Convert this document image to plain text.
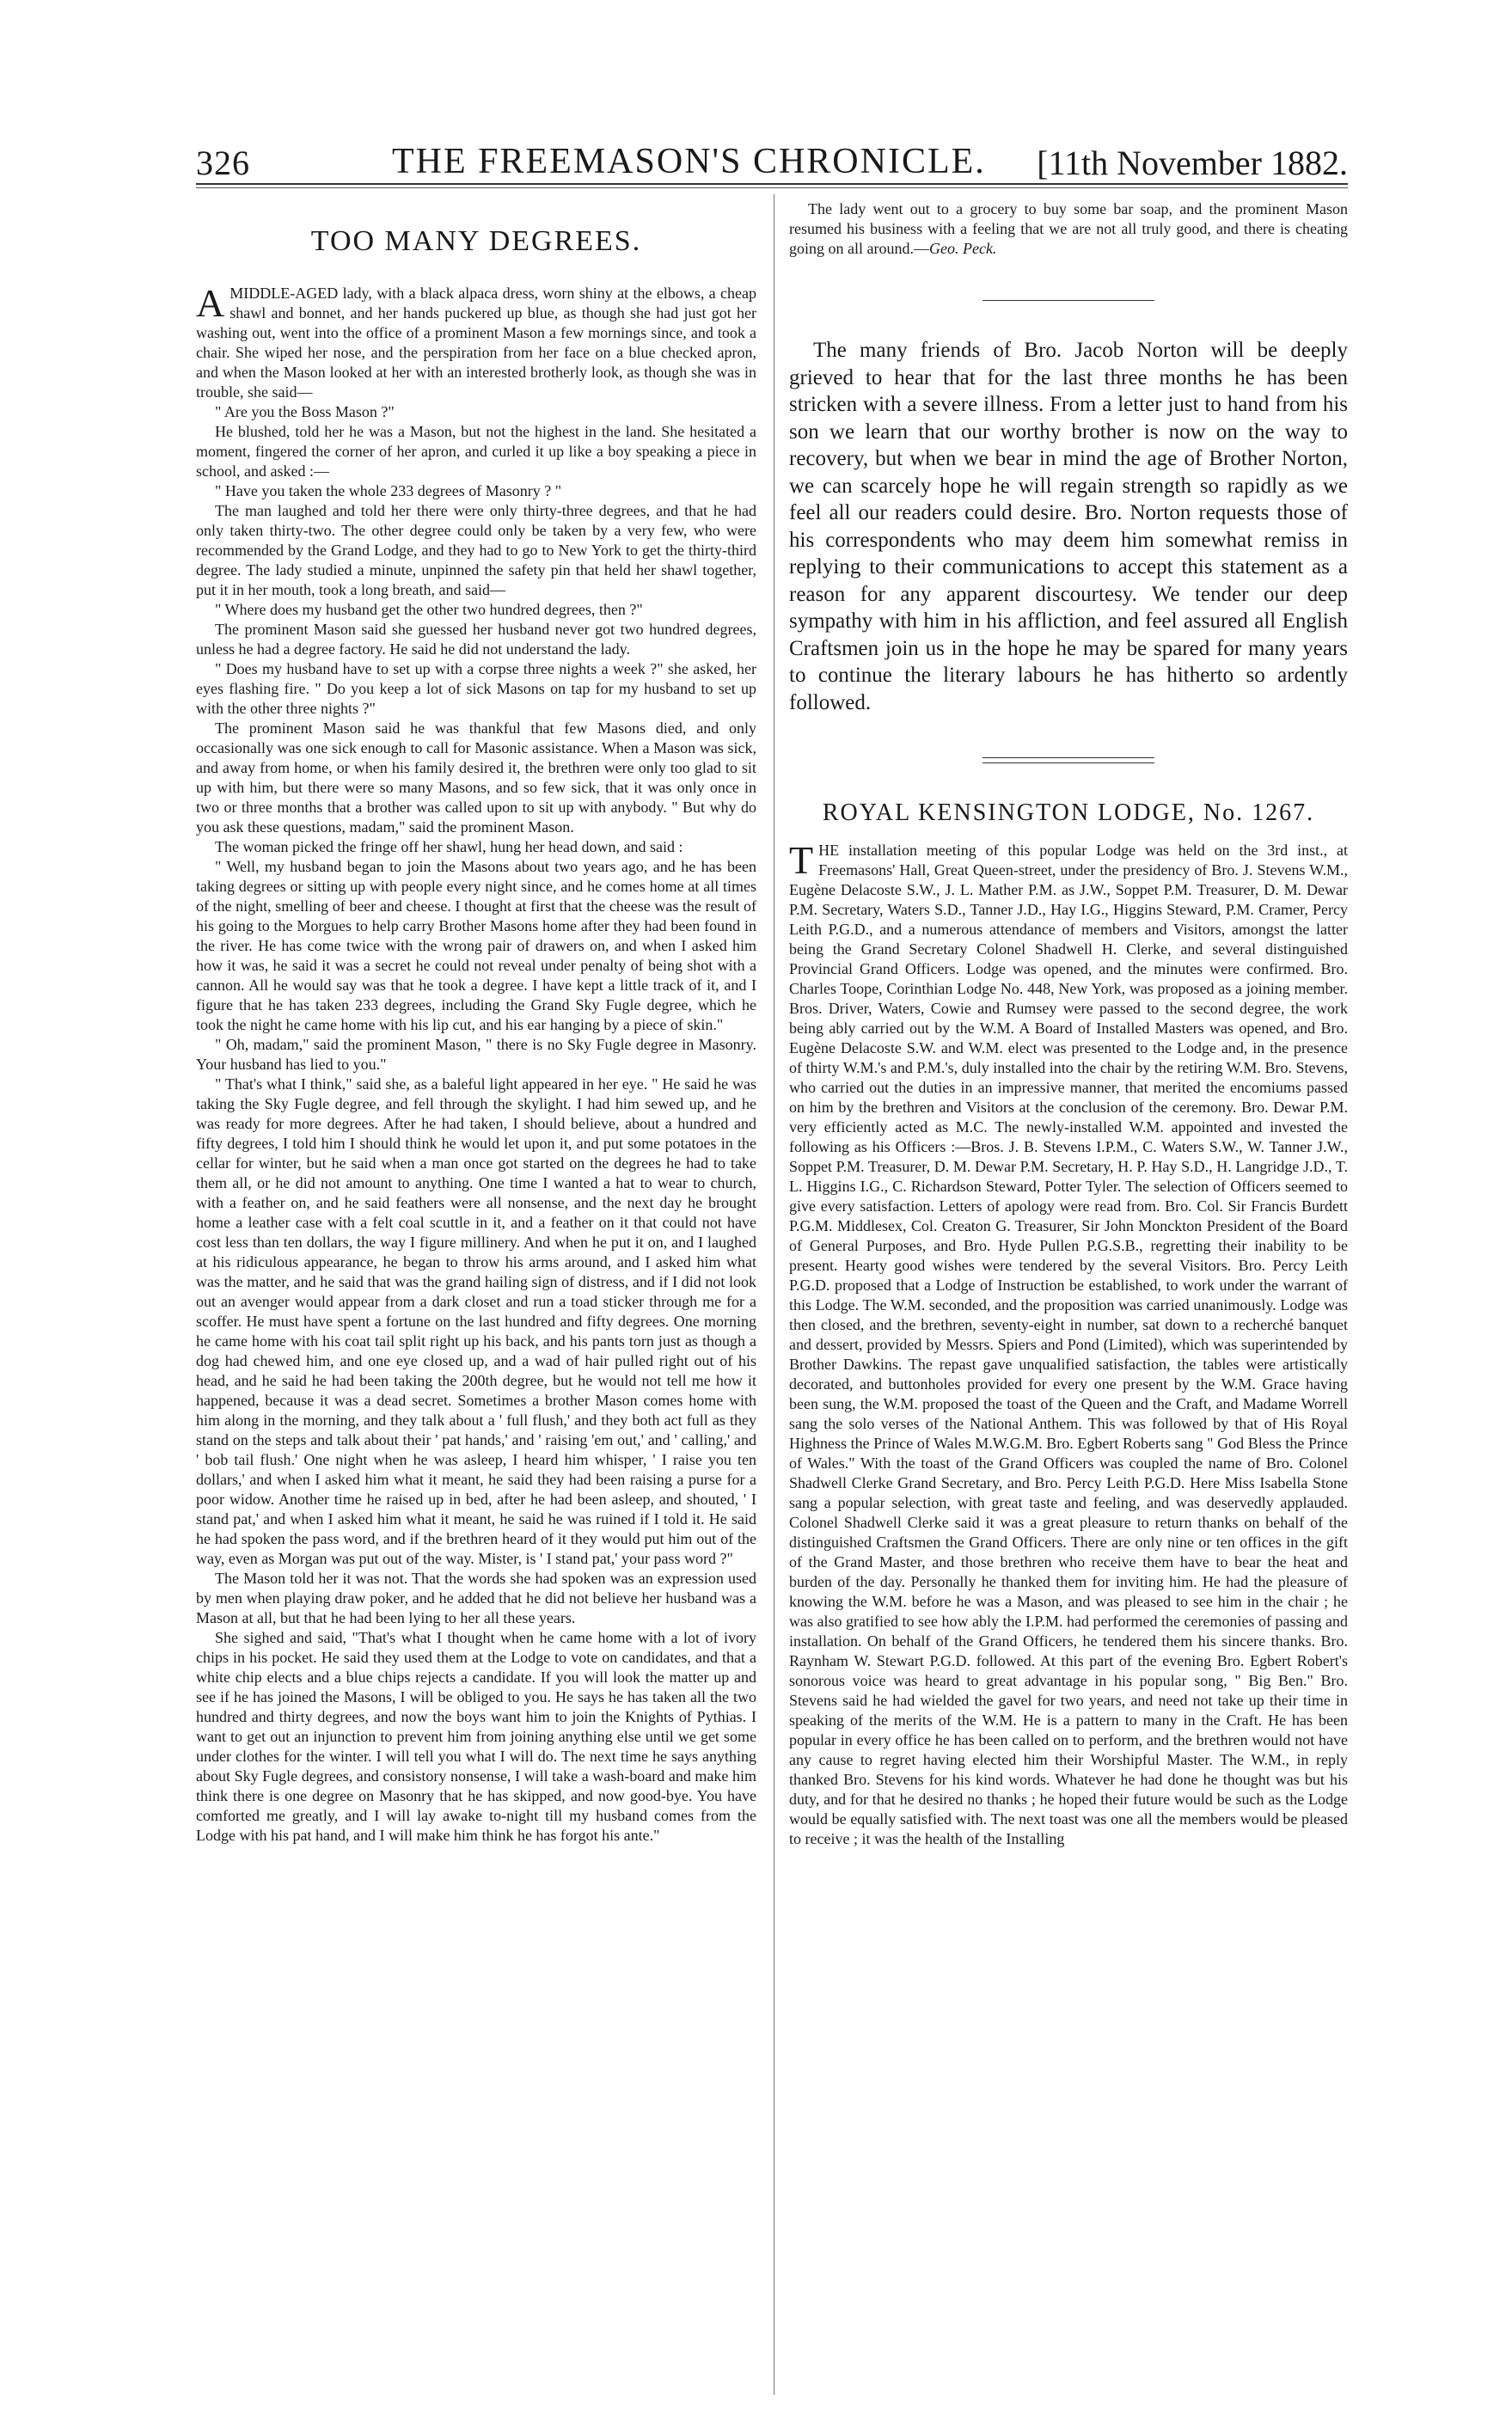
326	THE FREEMASON'S CHRONICLE. [11th November 1882.
TOO MANY DEGREES.

AMIDDLE-AGED lady, with a black alpaca dress, worn shiny at the elbows, a cheap shawl and bonnet, and her hands puckered up blue, as though she had just got her washing out, went into the office of a prominent Mason a few mornings since, and took a chair. She wiped her nose, and the perspiration from her face on a blue checked apron, and when the Mason looked at her with an interested brotherly look, as though she was in trouble, she said—

" Are you the Boss Mason ?"

He blushed, told her he was a Mason, but not the highest in the land. She hesitated a moment, fingered the corner of her apron, and curled it up like a boy speaking a piece in school, and asked :—

" Have you taken the whole 233 degrees of Masonry ? "

The man laughed and told her there were only thirty-three degrees, and that he had only taken thirty-two. The other degree could only be taken by a very few, who were recommended by the Grand Lodge, and they had to go to New York to get the thirty-third degree. The lady studied a minute, unpinned the safety pin that held her shawl together, put it in her mouth, took a long breath, and said—

" Where does my husband get the other two hundred degrees, then ?"

The prominent Mason said she guessed her husband never got two hundred degrees, unless he had a degree factory. He said he did not understand the lady.

" Does my husband have to set up with a corpse three nights a week ?" she asked, her eyes flashing fire. " Do you keep a lot of sick Masons on tap for my husband to set up with the other three nights ?"

The prominent Mason said he was thankful that few Masons died, and only occasionally was one sick enough to call for Masonic assistance. When a Mason was sick, and away from home, or when his family desired it, the brethren were only too glad to sit up with him, but there were so many Masons, and so few sick, that it was only once in two or three months that a brother was called upon to sit up with anybody. " But why do you ask these questions, madam," said the prominent Mason.

The woman picked the fringe off her shawl, hung her head down, and said :

" Well, my husband began to join the Masons about two years ago, and he has been taking degrees or sitting up with people every night since, and he comes home at all times of the night, smelling of beer and cheese. I thought at first that the cheese was the result of his going to the Morgues to help carry Brother Masons home after they had been found in the river. He has come twice with the wrong pair of drawers on, and when I asked him how it was, he said it was a secret he could not reveal under penalty of being shot with a cannon. All he would say was that he took a degree. I have kept a little track of it, and I figure that he has taken 233 degrees, including the Grand Sky Fugle degree, which he took the night he came home with his lip cut, and his ear hanging by a piece of skin."

" Oh, madam," said the prominent Mason, " there is no Sky Fugle degree in Masonry. Your husband has lied to you."

" That's what I think," said she, as a baleful light appeared in her eye. " He said he was taking the Sky Fugle degree, and fell through the skylight. I had him sewed up, and he was ready for more degrees. After he had taken, I should believe, about a hundred and fifty degrees, I told him I should think he would let upon it, and put some potatoes in the cellar for winter, but he said when a man once got started on the degrees he had to take them all, or he did not amount to anything. One time I wanted a hat to wear to church, with a feather on, and he said feathers were all nonsense, and the next day he brought home a leather case with a felt coal scuttle in it, and a feather on it that could not have cost less than ten dollars, the way I figure millinery. And when he put it on, and I laughed at his ridiculous appearance, he began to throw his arms around, and I asked him what was the matter, and he said that was the grand hailing sign of distress, and if I did not look out an avenger would appear from a dark closet and run a toad sticker through me for a scoffer. He must have spent a fortune on the last hundred and fifty degrees. One morning he came home with his coat tail split right up his back, and his pants torn just as though a dog had chewed him, and one eye closed up, and a wad of hair pulled right out of his head, and he said he had been taking the 200th degree, but he would not tell me how it happened, because it was a dead secret. Sometimes a brother Mason comes home with him along in the morning, and they talk about a ' full flush,' and they both act full as they stand on the steps and talk about their ' pat hands,' and ' raising 'em out,' and ' calling,' and ' bob tail flush.' One night when he was asleep, I heard him whisper, ' I raise you ten dollars,' and when I asked him what it meant, he said they had been raising a purse for a poor widow. Another time he raised up in bed, after he had been asleep, and shouted, ' I stand pat,' and when I asked him what it meant, he said he was ruined if I told it. He said he had spoken the pass word, and if the brethren heard of it they would put him out of the way, even as Morgan was put out of the way. Mister, is ' I stand pat,' your pass word ?"

The Mason told her it was not. That the words she had spoken was an expression used by men when playing draw poker, and he added that he did not believe her husband was a Mason at all, but that he had been lying to her all these years.

She sighed and said, "That's what I thought when he came home with a lot of ivory chips in his pocket. He said they used them at the Lodge to vote on candidates, and that a white chip elects and a blue chips rejects a candidate. If you will look the matter up and see if he has joined the Masons, I will be obliged to you. He says he has taken all the two hundred and thirty degrees, and now the boys want him to join the Knights of Pythias. I want to get out an injunction to prevent him from joining anything else until we get some under clothes for the winter. I will tell you what I will do. The next time he says anything about Sky Fugle degrees, and consistory nonsense, I will take a wash-board and make him think there is one degree on Masonry that he has skipped, and now good-bye. You have comforted me greatly, and I will lay awake to-night till my husband comes from the Lodge with his pat hand, and I will make him think he has forgot his ante."

The lady went out to a grocery to buy some bar soap, and the prominent Mason resumed his business with a feeling that we are not all truly good, and there is cheating going on all around.—Geo. Peck.

The many friends of Bro. Jacob Norton will be deeply grieved to hear that for the last three months he has been stricken with a severe illness. From a letter just to hand from his son we learn that our worthy brother is now on the way to recovery, but when we bear in mind the age of Brother Norton, we can scarcely hope he will regain strength so rapidly as we feel all our readers could desire. Bro. Norton requests those of his correspondents who may deem him somewhat remiss in replying to their communications to accept this statement as a reason for any apparent discourtesy. We tender our deep sympathy with him in his affliction, and feel assured all English Craftsmen join us in the hope he may be spared for many years to continue the literary labours he has hitherto so ardently followed.

ROYAL KENSINGTON LODGE, No. 1267.

THE installation meeting of this popular Lodge was held on the 3rd inst., at Freemasons' Hall, Great Queen-street, under the presidency of Bro. J. Stevens W.M., Eugène Delacoste S.W., J. L. Mather P.M. as J.W., Soppet P.M. Treasurer, D. M. Dewar P.M. Secretary, Waters S.D., Tanner J.D., Hay I.G., Higgins Steward, P.M. Cramer, Percy Leith P.G.D., and a numerous attendance of members and Visitors, amongst the latter being the Grand Secretary Colonel Shadwell H. Clerke, and several distinguished Provincial Grand Officers. Lodge was opened, and the minutes were confirmed. Bro. Charles Toope, Corinthian Lodge No. 448, New York, was proposed as a joining member. Bros. Driver, Waters, Cowie and Rumsey were passed to the second degree, the work being ably carried out by the W.M. A Board of Installed Masters was opened, and Bro. Eugène Delacoste S.W. and W.M. elect was presented to the Lodge and, in the presence of thirty W.M.'s and P.M.'s, duly installed into the chair by the retiring W.M. Bro. Stevens, who carried out the duties in an impressive manner, that merited the encomiums passed on him by the brethren and Visitors at the conclusion of the ceremony. Bro. Dewar P.M. very efficiently acted as M.C. The newly-installed W.M. appointed and invested the following as his Officers :—Bros. J. B. Stevens I.P.M., C. Waters S.W., W. Tanner J.W., Soppet P.M. Treasurer, D. M. Dewar P.M. Secretary, H. P. Hay S.D., H. Langridge J.D., T. L. Higgins I.G., C. Richardson Steward, Potter Tyler. The selection of Officers seemed to give every satisfaction. Letters of apology were read from. Bro. Col. Sir Francis Burdett P.G.M. Middlesex, Col. Creaton G. Treasurer, Sir John Monckton President of the Board of General Purposes, and Bro. Hyde Pullen P.G.S.B., regretting their inability to be present. Hearty good wishes were tendered by the several Visitors. Bro. Percy Leith P.G.D. proposed that a Lodge of Instruction be established, to work under the warrant of this Lodge. The W.M. seconded, and the proposition was carried unanimously. Lodge was then closed, and the brethren, seventy-eight in number, sat down to a recherché banquet and dessert, provided by Messrs. Spiers and Pond (Limited), which was superintended by Brother Dawkins. The repast gave unqualified satisfaction, the tables were artistically decorated, and buttonholes provided for every one present by the W.M. Grace having been sung, the W.M. proposed the toast of the Queen and the Craft, and Madame Worrell sang the solo verses of the National Anthem. This was followed by that of His Royal Highness the Prince of Wales M.W.G.M. Bro. Egbert Roberts sang " God Bless the Prince of Wales." With the toast of the Grand Officers was coupled the name of Bro. Colonel Shadwell Clerke Grand Secretary, and Bro. Percy Leith P.G.D. Here Miss Isabella Stone sang a popular selection, with great taste and feeling, and was deservedly applauded. Colonel Shadwell Clerke said it was a great pleasure to return thanks on behalf of the distinguished Craftsmen the Grand Officers. There are only nine or ten offices in the gift of the Grand Master, and those brethren who receive them have to bear the heat and burden of the day. Personally he thanked them for inviting him. He had the pleasure of knowing the W.M. before he was a Mason, and was pleased to see him in the chair ; he was also gratified to see how ably the I.P.M. had performed the ceremonies of passing and installation. On behalf of the Grand Officers, he tendered them his sincere thanks. Bro. Raynham W. Stewart P.G.D. followed. At this part of the evening Bro. Egbert Robert's sonorous voice was heard to great advantage in his popular song, " Big Ben." Bro. Stevens said he had wielded the gavel for two years, and need not take up their time in speaking of the merits of the W.M. He is a pattern to many in the Craft. He has been popular in every office he has been called on to perform, and the brethren would not have any cause to regret having elected him their Worshipful Master. The W.M., in reply thanked Bro. Stevens for his kind words. Whatever he had done he thought was but his duty, and for that he desired no thanks ; he hoped their future would be such as the Lodge would be equally satisfied with. The next toast was one all the members would be pleased to receive ; it was the health of the Installing
